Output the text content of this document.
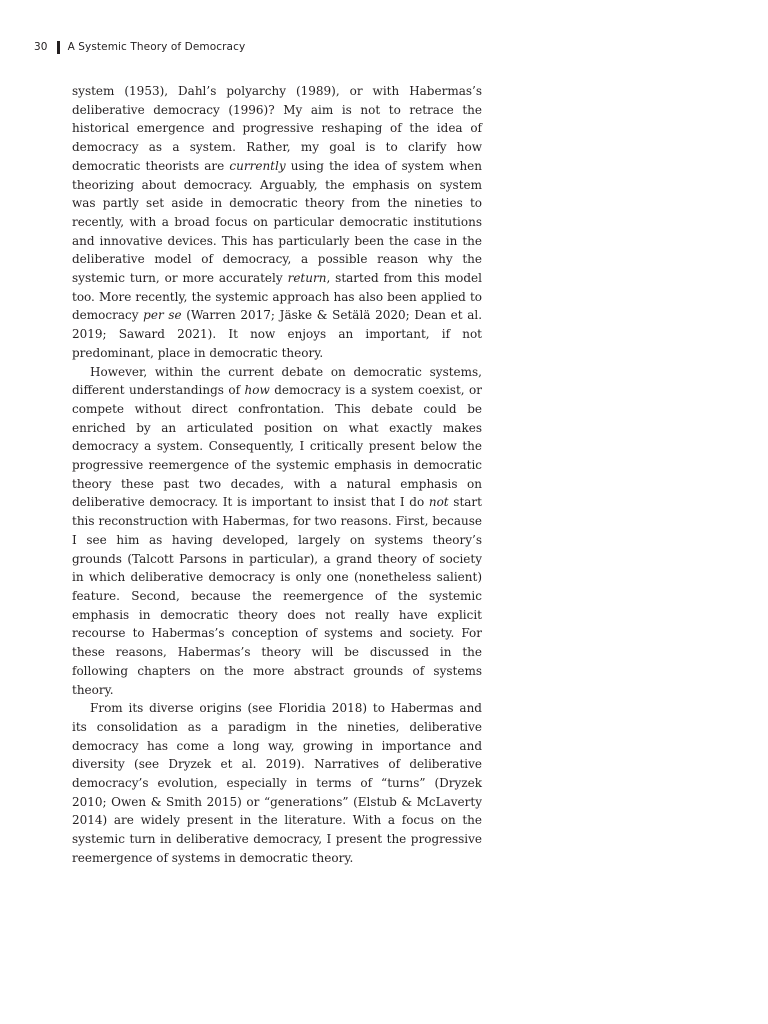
30 A Systemic Theory of Democracy

system (1953), Dahl’s polyarchy (1989), or with Habermas’s deliberative democracy (1996)? My aim is not to retrace the historical emergence and progressive reshaping of the idea of democracy as a system. Rather, my goal is to clarify how democratic theorists are currently using the idea of system when theorizing about democracy. Arguably, the emphasis on system was partly set aside in democratic theory from the nineties to recently, with a broad focus on particular democratic institutions and innovative devices. This has particularly been the case in the deliberative model of democracy, a possible reason why the systemic turn, or more accurately return, started from this model too. More recently, the systemic approach has also been applied to democracy per se (Warren 2017; Jäske & Setälä 2020; Dean et al. 2019; Saward 2021). It now enjoys an important, if not predominant, place in democratic theory.

However, within the current debate on democratic systems, different understandings of how democracy is a system coexist, or compete without direct confrontation. This debate could be enriched by an articulated position on what exactly makes democracy a system. Consequently, I critically present below the progressive reemergence of the systemic emphasis in democratic theory these past two decades, with a natural emphasis on deliberative democracy. It is important to insist that I do not start this reconstruction with Habermas, for two reasons. First, because I see him as having developed, largely on systems theory’s grounds (Talcott Parsons in particular), a grand theory of society in which deliberative democracy is only one (nonetheless salient) feature. Second, because the reemergence of the systemic emphasis in democratic theory does not really have explicit recourse to Habermas’s conception of systems and society. For these reasons, Habermas’s theory will be discussed in the following chapters on the more abstract grounds of systems theory.

From its diverse origins (see Floridia 2018) to Habermas and its consolidation as a paradigm in the nineties, deliberative democracy has come a long way, growing in importance and diversity (see Dryzek et al. 2019). Narratives of deliberative democracy’s evolution, especially in terms of “turns” (Dryzek 2010; Owen & Smith 2015) or “generations” (Elstub & McLaverty 2014) are widely present in the literature. With a focus on the systemic turn in deliberative democracy, I present the progressive reemergence of systems in democratic theory.
